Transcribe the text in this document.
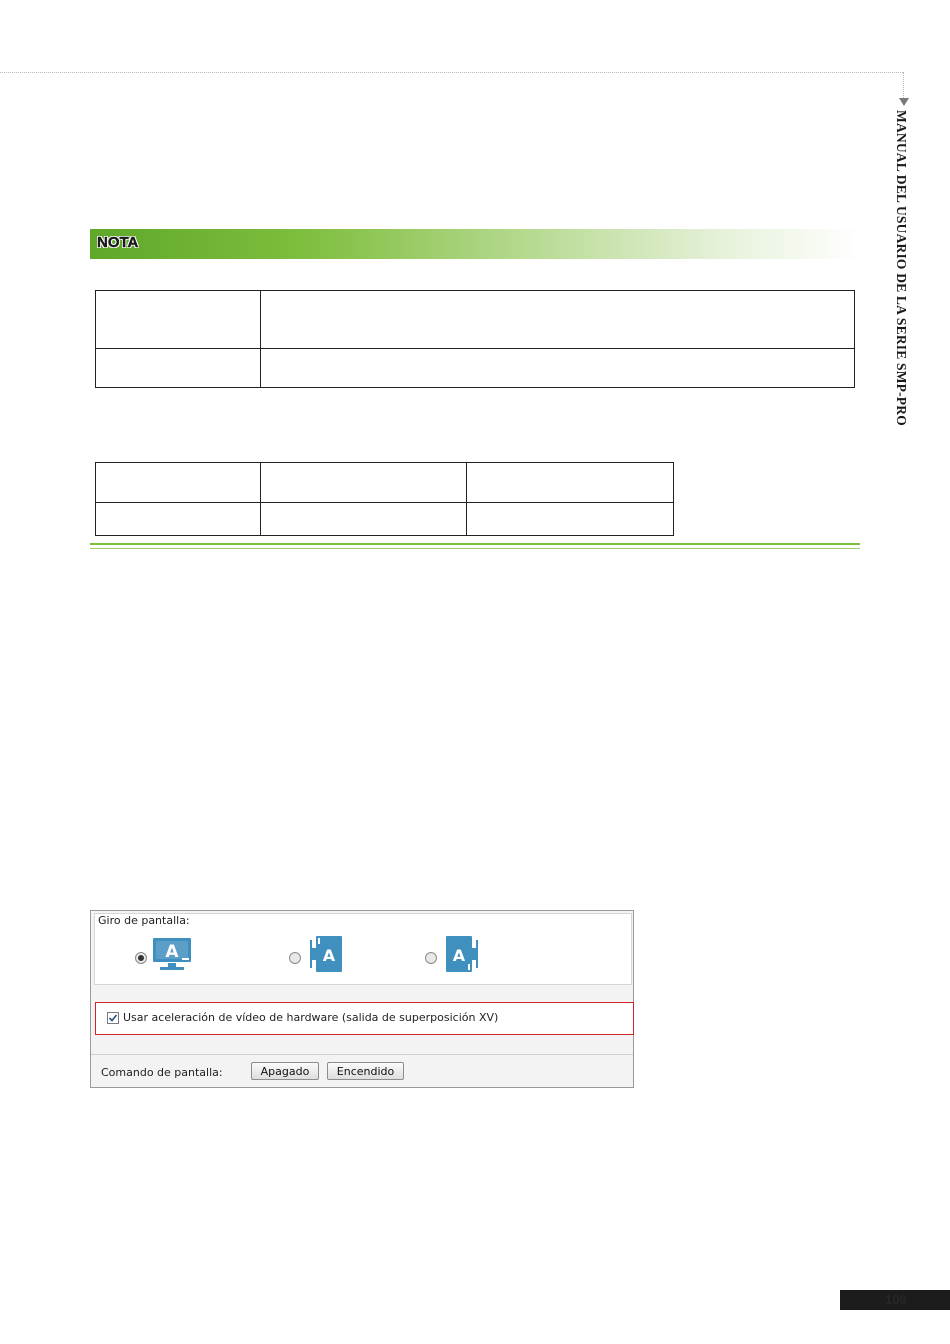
MANUAL DEL USUARIO DE LA SERIE SMP-PRO
NOTA

Giro de pantalla:
A	A	A
Usar aceleración de vídeo de hardware (salida de superposición XV)
Comando de pantalla:	Apagado	Encendido
109
